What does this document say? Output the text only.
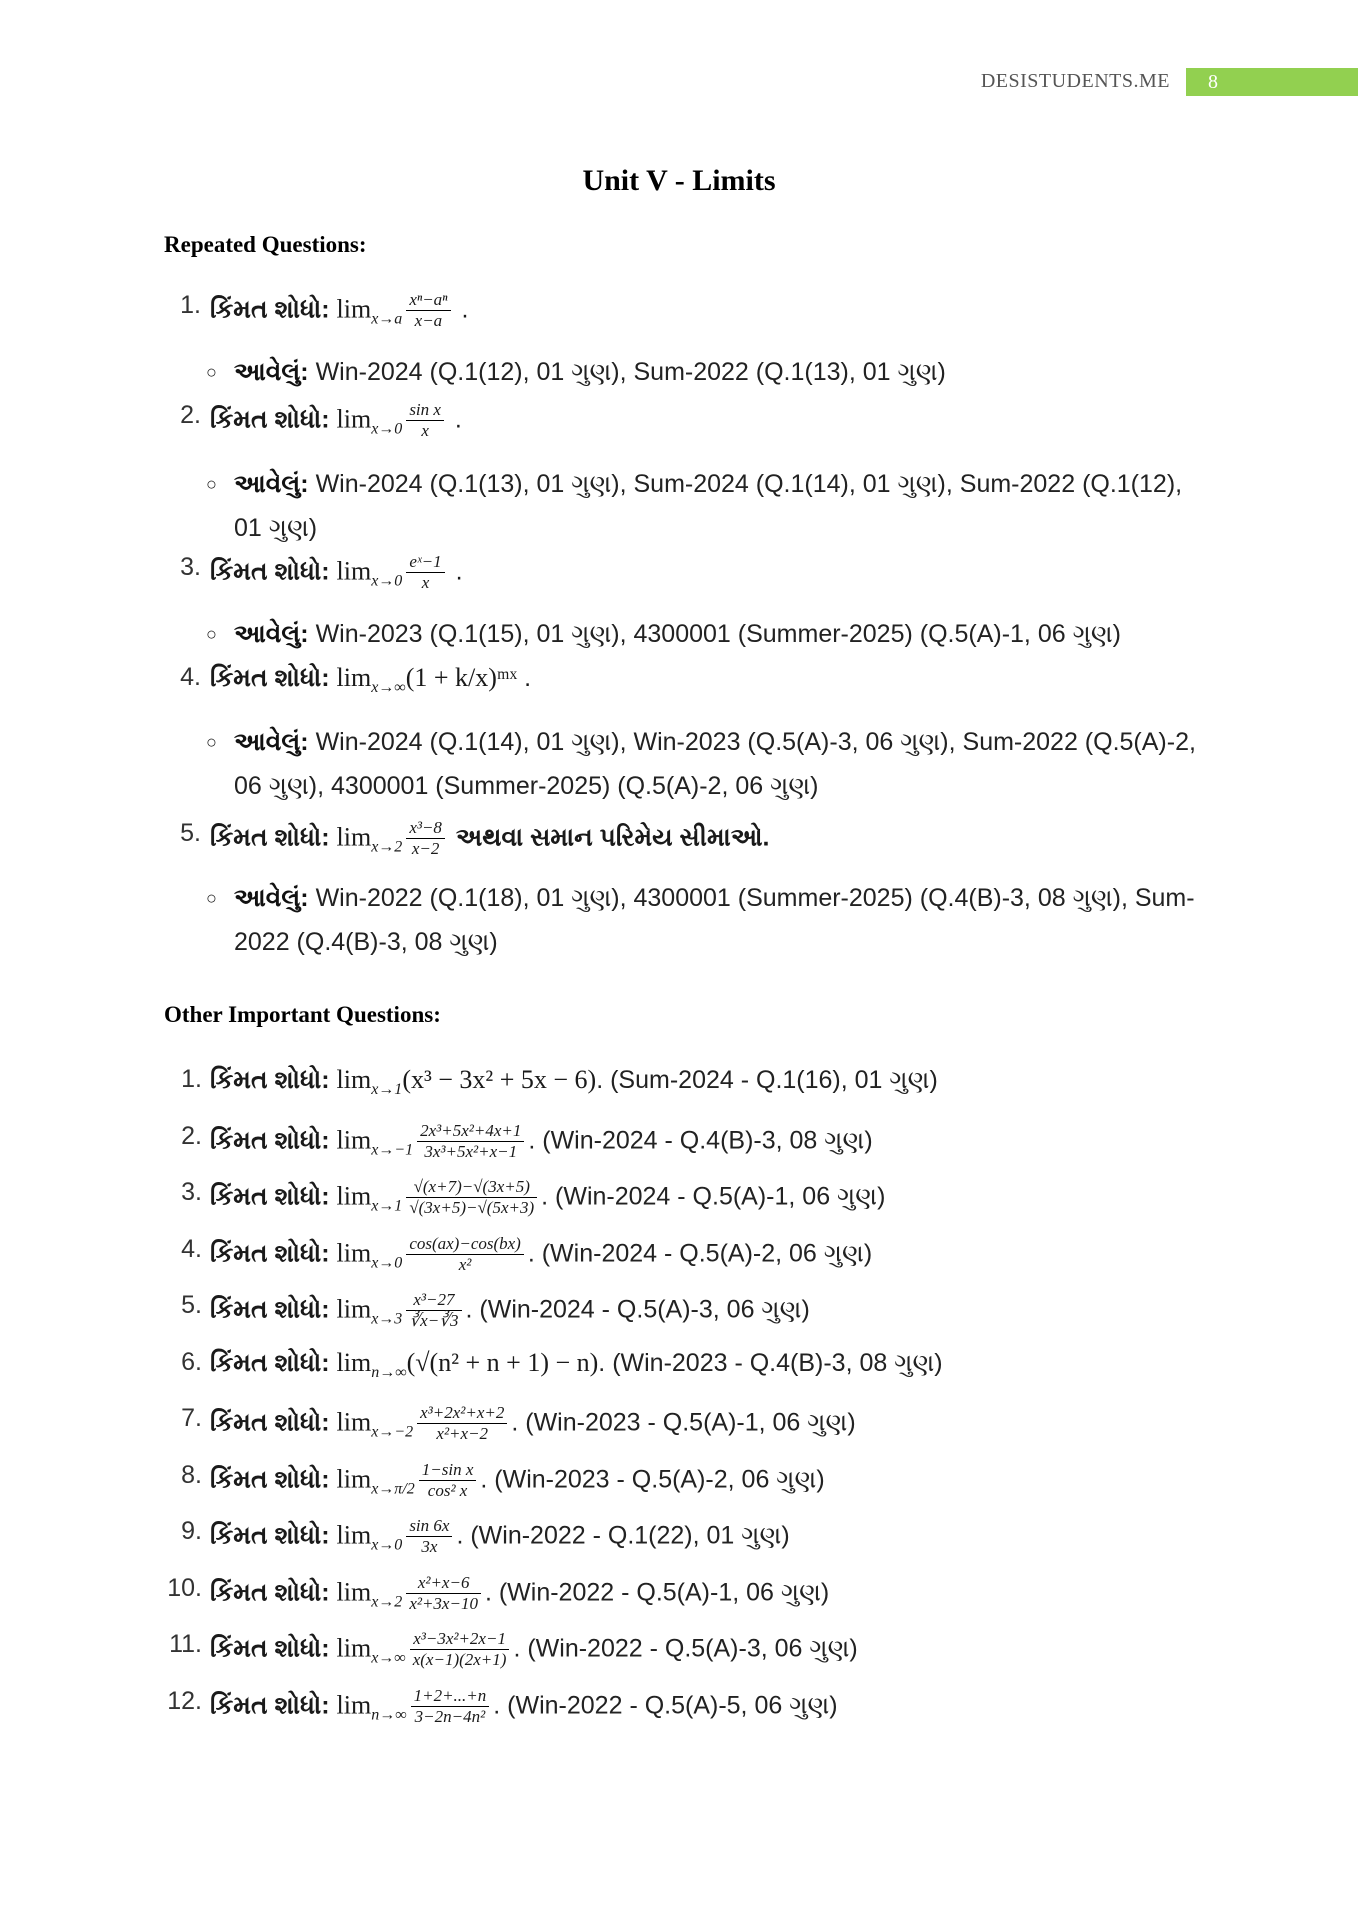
DESISTUDENTS.ME	8
Unit V - Limits
Repeated Questions:
1. કિંમત શોધો: $\lim_{x\to a} \frac{\text{xⁿ−aⁿ}}{x-a}$ .
○ આવેલું: Win-2024 (Q.1(12), 01 ગુણ), Sum-2022 (Q.1(13), 01 ગુણ)
2. કિંમત શોધો: $\lim_{x\to 0} \frac{\text{sin x}}{x}$ .
○ આવેલું: Win-2024 (Q.1(13), 01 ગુણ), Sum-2024 (Q.1(14), 01 ગુણ), Sum-2022 (Q.1(12), 01 ગુણ)
3. કિંમત શોધો: $\lim_{x\to 0} \frac{\text{eˣ−1}}{x}$ .
○ આવેલું: Win-2023 (Q.1(15), 01 ગુણ), 4300001 (Summer-2025) (Q.5(A)-1, 06 ગુણ)
4. કિંમત શોધો: $\lim_{x\to\infty}(1$ + k/x)ᵐˣ .
○ આવેલું: Win-2024 (Q.1(14), 01 ગુણ), Win-2023 (Q.5(A)-3, 06 ગુણ), Sum-2022 (Q.5(A)-2, 06 ગુણ), 4300001 (Summer-2025) (Q.5(A)-2, 06 ગુણ)
5. કિંમત શોધો: $\lim_{x\to 2} \frac{\text{x³−8}}{x-2}$ અથવા સમાન પરિમેય સીમાઓ.
○ આવેલું: Win-2022 (Q.1(18), 01 ગુણ), 4300001 (Summer-2025) (Q.4(B)-3, 08 ગુણ), Sum-2022 (Q.4(B)-3, 08 ગુણ)
Other Important Questions:
1. કિંમત શોધો: $\lim_{x\to 1}(x^3 - 3x^2 + 5x - 6)$. (Sum-2024 - Q.1(16), 01 ગુણ)
2. કિંમત શોધો: $\lim_{x\to-1} \frac{\text{2x³+5x²+4x+1}}{\text{3x³+5x²+x−1}}$ . (Win-2024 - Q.4(B)-3, 08 ગુણ)
3. કિંમત શોધો: $\lim_{x\to 1} \frac{√(x+7)-√(3x+5)}{√(3x+5)-√(5x+3)}$ . (Win-2024 - Q.5(A)-1, 06 ગુણ)
4. કિંમત શોધો: $\lim_{x\to 0} \frac{\cos(ax)-\cos(bx)}{\text{x²}}$ . (Win-2024 - Q.5(A)-2, 06 ગુણ)
5. કિંમત શોધો: $\lim_{x\to 3} \frac{\text{x³−27}}{∛x-∛3}$ . (Win-2024 - Q.5(A)-3, 06 ગુણ)
6. કિંમત શોધો: $\lim_{n\to\infty}(√(n^2 + n + 1) - n)$. (Win-2023 - Q.4(B)-3, 08 ગુણ)
7. કિંમત શોધો: $\lim_{x\to-2} \frac{\text{x³+2x²+x+2}}{\text{x²+x−2}}$ . (Win-2023 - Q.5(A)-1, 06 ગુણ)
8. કિંમત શોધો: $\lim_{x\to\pi/2} \frac{\text{1−sin x}}{\text{cos² x}}$ . (Win-2023 - Q.5(A)-2, 06 ગુણ)
9. કિંમત શોધો: $\lim_{x\to 0} \frac{\sin 6x}{3x}$ . (Win-2022 - Q.1(22), 01 ગુણ)
10. કિંમત શોધો: $\lim_{x\to 2} \frac{\text{x²+x−6}}{\text{x²+3x−10}}$ . (Win-2022 - Q.5(A)-1, 06 ગુણ)
11. કિંમત શોધો: $\lim_{x\to\infty} \frac{\text{x³−3x²+2x−1}}{x(x-1)(2x+1)}$ . (Win-2022 - Q.5(A)-3, 06 ગુણ)
12. કિંમત શોધો: $\lim_{n\to\infty} \frac{1+2+...+n}{\text{3−2n−4n²}}$ . (Win-2022 - Q.5(A)-5, 06 ગુણ)
